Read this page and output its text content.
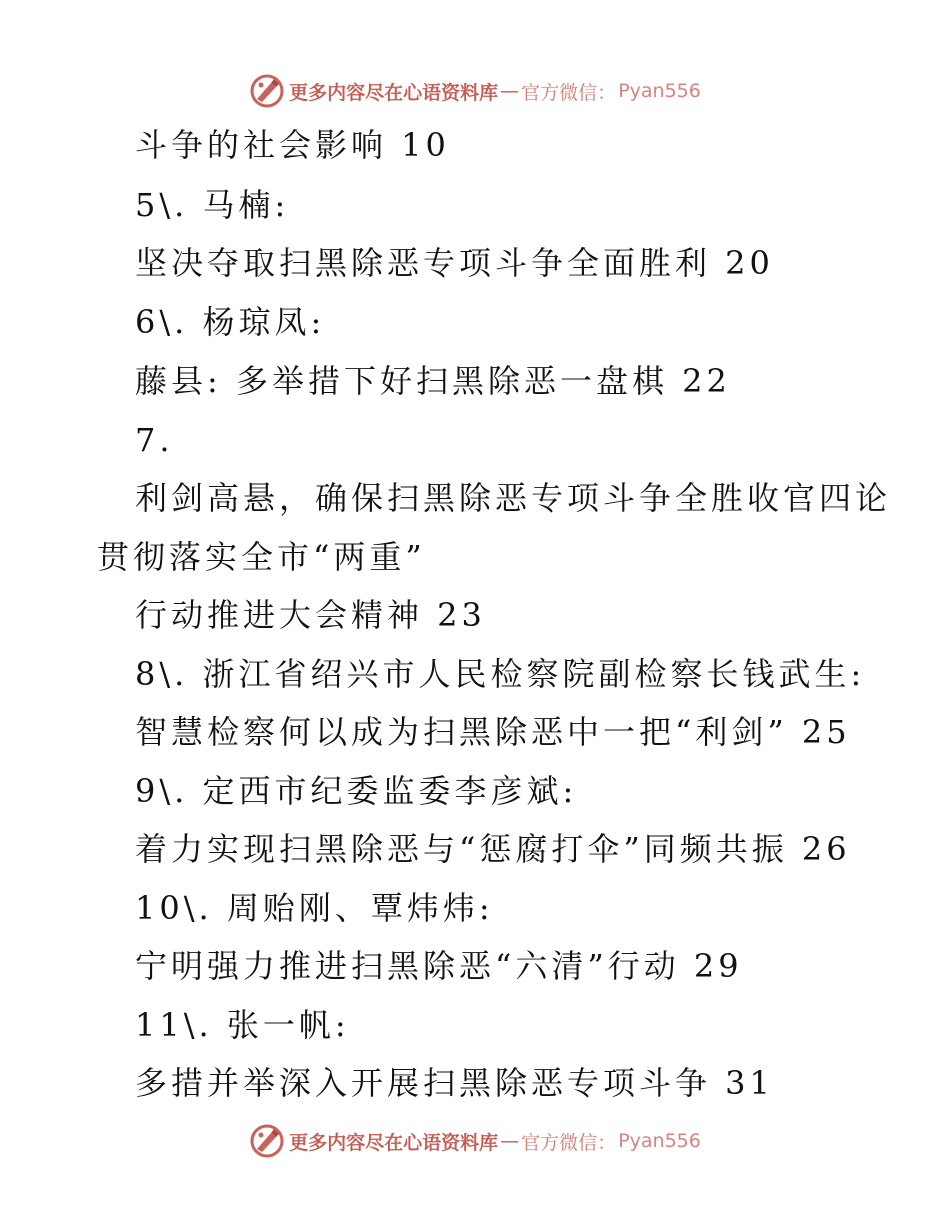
更多内容尽在心语资料库 — 官方微信 ： Pyan556
斗争的社会影响 10
5\. 马楠:
坚决夺取扫黑除恶专项斗争全面胜利 20
6\. 杨琼凤:
藤县: 多举措下好扫黑除恶一盘棋 22
7.
利剑高悬，确保扫黑除恶专项斗争全胜收官四论
贯彻落实全市“两重”
行动推进大会精神 23
8\. 浙江省绍兴市人民检察院副检察长钱武生:
智慧检察何以成为扫黑除恶中一把“利剑” 25
9\. 定西市纪委监委李彦斌:
着力实现扫黑除恶与“惩腐打伞”同频共振 26
10\. 周贻刚、覃炜炜:
宁明强力推进扫黑除恶“六清”行动 29
11\. 张一帆:
多措并举深入开展扫黑除恶专项斗争 31
更多内容尽在心语资料库 — 官方微信 ： Pyan556
